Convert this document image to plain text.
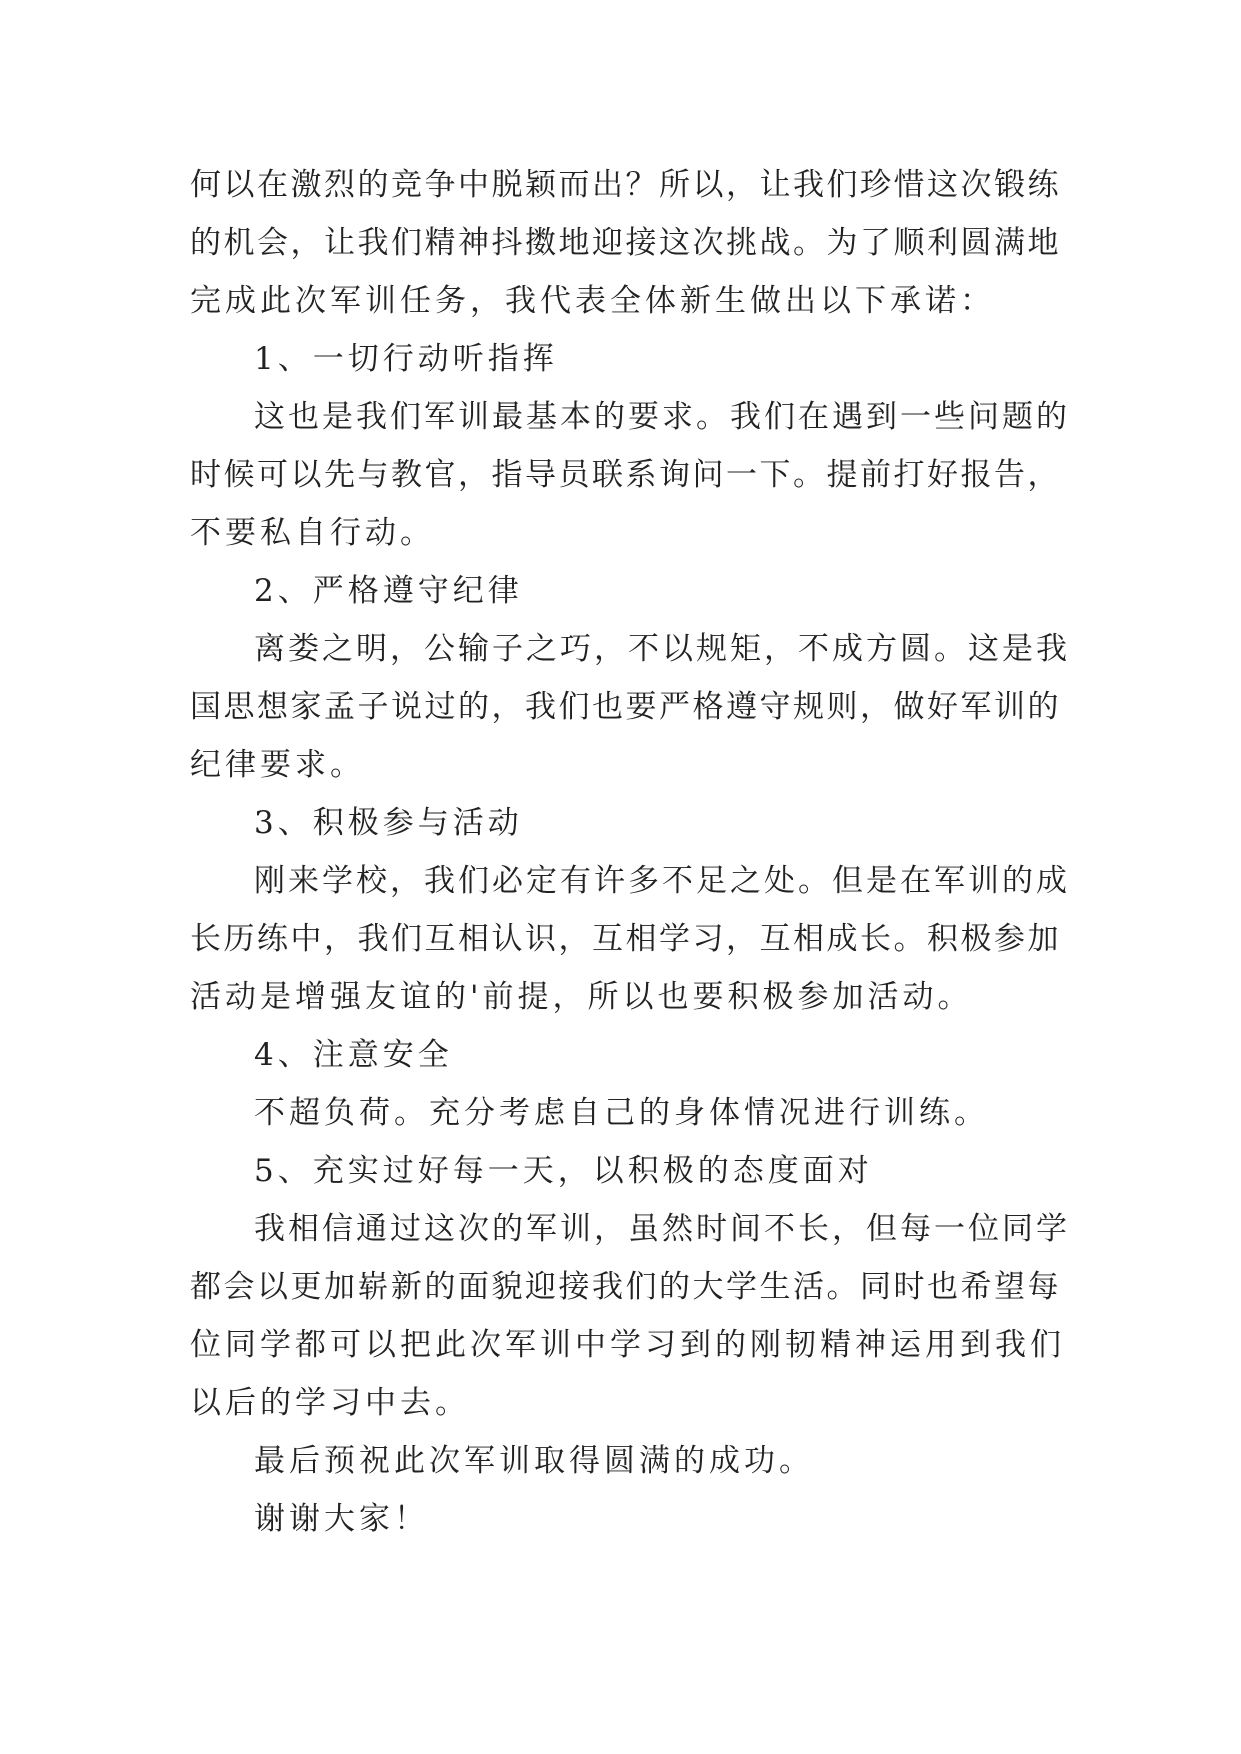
何以在激烈的竞争中脱颖而出？所以，让我们珍惜这次锻练
的机会，让我们精神抖擞地迎接这次挑战。为了顺利圆满地
完成此次军训任务，我代表全体新生做出以下承诺：
1、一切行动听指挥
这也是我们军训最基本的要求。我们在遇到一些问题的
时候可以先与教官，指导员联系询问一下。提前打好报告，
不要私自行动。
2、严格遵守纪律
离娄之明，公输子之巧，不以规矩，不成方圆。这是我
国思想家孟子说过的，我们也要严格遵守规则，做好军训的
纪律要求。
3、积极参与活动
刚来学校，我们必定有许多不足之处。但是在军训的成
长历练中，我们互相认识，互相学习，互相成长。积极参加
活动是增强友谊的'前提，所以也要积极参加活动。
4、注意安全
不超负荷。充分考虑自己的身体情况进行训练。
5、充实过好每一天，以积极的态度面对
我相信通过这次的军训，虽然时间不长，但每一位同学
都会以更加崭新的面貌迎接我们的大学生活。同时也希望每
位同学都可以把此次军训中学习到的刚韧精神运用到我们
以后的学习中去。
最后预祝此次军训取得圆满的成功。
谢谢大家！
